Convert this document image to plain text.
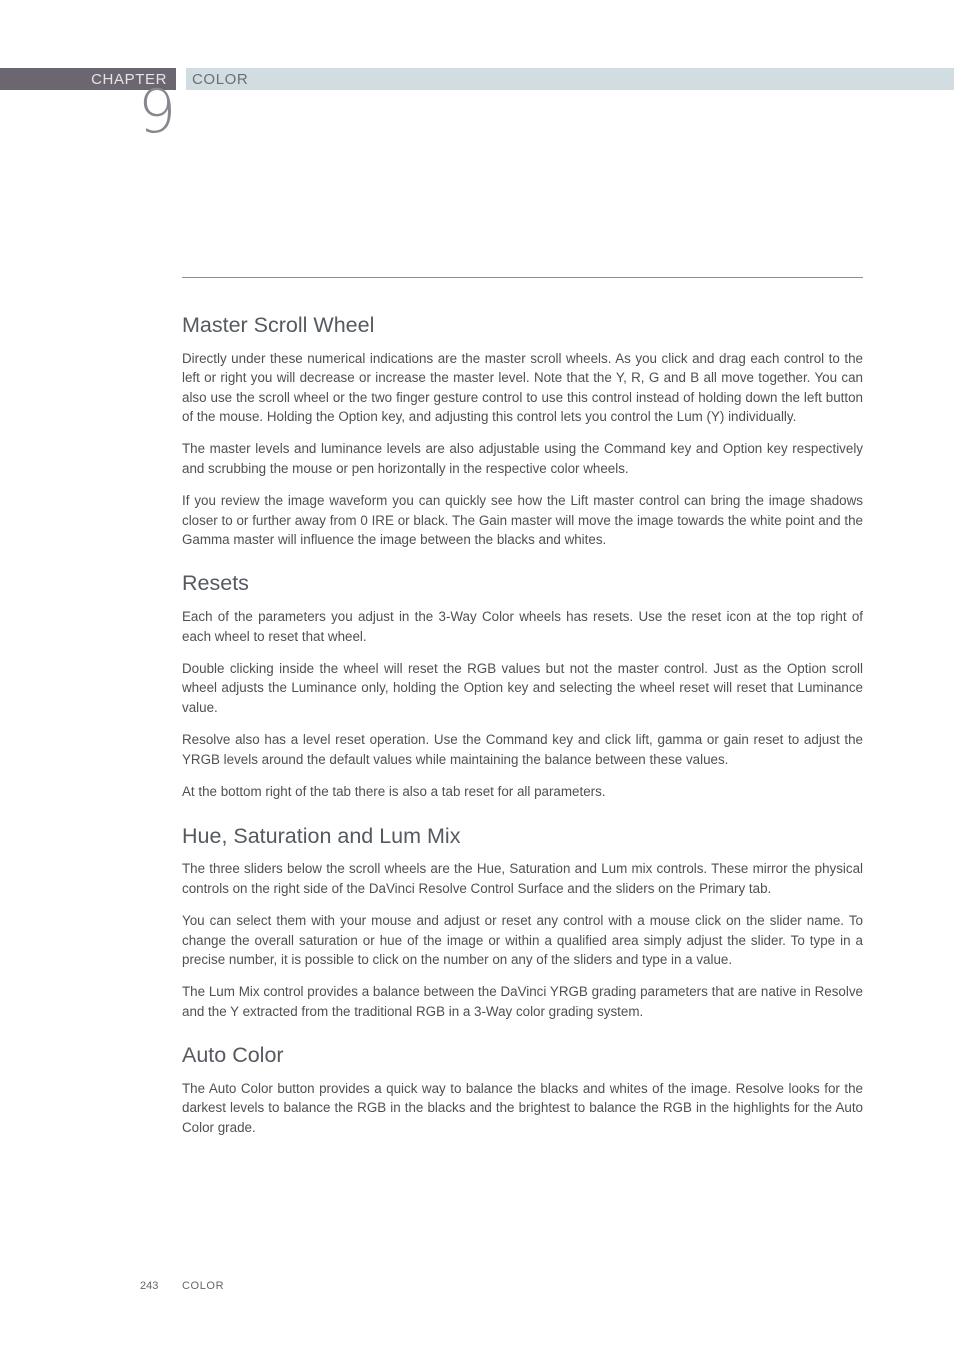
CHAPTER COLOR
9
Master Scroll Wheel

Directly under these numerical indications are the master scroll wheels. As you click and drag each control to the left or right you will decrease or increase the master level. Note that the Y, R, G and B all move together. You can also use the scroll wheel or the two finger gesture control to use this control instead of holding down the left button of the mouse. Holding the Option key, and adjusting this control lets you control the Lum (Y) individually.

The master levels and luminance levels are also adjustable using the Command key and Option key respectively and scrubbing the mouse or pen horizontally in the respective color wheels.

If you review the image waveform you can quickly see how the Lift master control can bring the image shadows closer to or further away from 0 IRE or black. The Gain master will move the image towards the white point and the Gamma master will influence the image between the blacks and whites.

Resets

Each of the parameters you adjust in the 3-Way Color wheels has resets. Use the reset icon at the top right of each wheel to reset that wheel.

Double clicking inside the wheel will reset the RGB values but not the master control. Just as the Option scroll wheel adjusts the Luminance only, holding the Option key and selecting the wheel reset will reset that Luminance value.

Resolve also has a level reset operation. Use the Command key and click lift, gamma or gain reset to adjust the YRGB levels around the default values while maintaining the balance between these values.

At the bottom right of the tab there is also a tab reset for all parameters.

Hue, Saturation and Lum Mix

The three sliders below the scroll wheels are the Hue, Saturation and Lum mix controls. These mirror the physical controls on the right side of the DaVinci Resolve Control Surface and the sliders on the Primary tab.

You can select them with your mouse and adjust or reset any control with a mouse click on the slider name. To change the overall saturation or hue of the image or within a qualified area simply adjust the slider. To type in a precise number, it is possible to click on the number on any of the sliders and type in a value.

The Lum Mix control provides a balance between the DaVinci YRGB grading parameters that are native in Resolve and the Y extracted from the traditional RGB in a 3-Way color grading system.

Auto Color

The Auto Color button provides a quick way to balance the blacks and whites of the image. Resolve looks for the darkest levels to balance the RGB in the blacks and the brightest to balance the RGB in the highlights for the Auto Color grade.

243 COLOR
